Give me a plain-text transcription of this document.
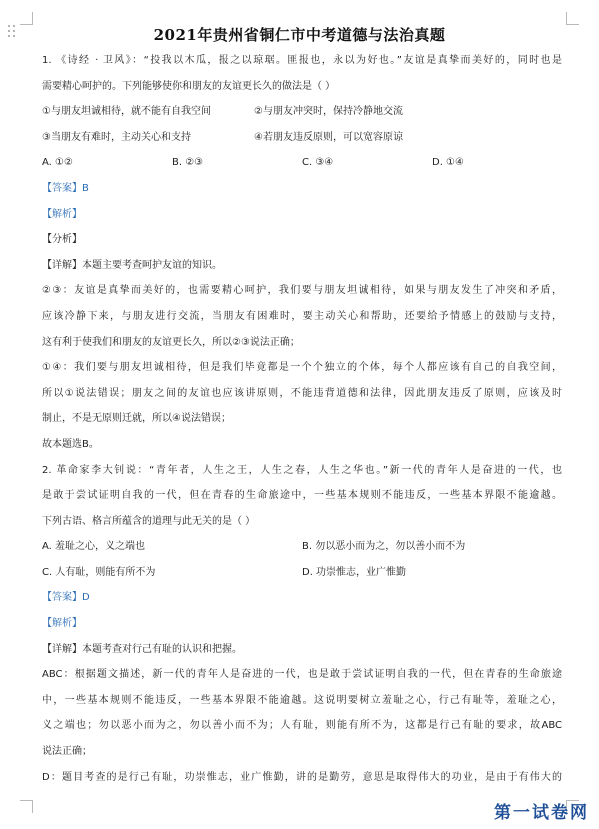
2021年贵州省铜仁市中考道德与法治真题
1. 《诗经 · 卫风》：“投我以木瓜，报之以琼琚。匪报也，永以为好也。”友谊是真挚而美好的，同时也是
需要精心呵护的。下列能够使你和朋友的友谊更长久的做法是（ ）
①与朋友坦诚相待，就不能有自我空间	②与朋友冲突时，保持冷静地交流
③当朋友有难时，主动关心和支持	④若朋友违反原则，可以宽容原谅
A. ①②	B. ②③	C. ③④	D. ①④
【答案】B
【解析】
【分析】
【详解】本题主要考查呵护友谊的知识。
②③：友谊是真挚而美好的，也需要精心呵护，我们要与朋友坦诚相待，如果与朋友发生了冲突和矛盾，
应该冷静下来，与朋友进行交流，当朋友有困难时，要主动关心和帮助，还要给予情感上的鼓励与支持，
这有利于使我们和朋友的友谊更长久，所以②③说法正确；
①④：我们要与朋友坦诚相待，但是我们毕竟都是一个个独立的个体，每个人都应该有自己的自我空间，
所以①说法错误；朋友之间的友谊也应该讲原则，不能违背道德和法律，因此朋友违反了原则，应该及时
制止，不是无原则迁就，所以④说法错误；
故本题选B。
2. 革命家李大钊说：“青年者，人生之王，人生之春，人生之华也。”新一代的青年人是奋进的一代，也
是敢于尝试证明自我的一代，但在青春的生命旅途中，一些基本规则不能违反，一些基本界限不能逾越。
下列古语、格言所蕴含的道理与此无关的是（ ）
A. 羞耻之心，义之端也	B. 勿以恶小而为之，勿以善小而不为
C. 人有耻，则能有所不为	D. 功崇惟志，业广惟勤
【答案】D
【解析】
【详解】本题考查对行己有耻的认识和把握。
ABC：根据题文描述，新一代的青年人是奋进的一代，也是敢于尝试证明自我的一代，但在青春的生命旅途
中，一些基本规则不能违反，一些基本界限不能逾越。这说明要树立羞耻之心，行己有耻等，羞耻之心，
义之端也；勿以恶小而为之，勿以善小而不为；人有耻，则能有所不为，这都是行己有耻的要求，故ABC
说法正确；
D：题目考查的是行己有耻，功崇惟志，业广惟勤，讲的是勤劳，意思是取得伟大的功业，是由于有伟大的
第一试卷网
